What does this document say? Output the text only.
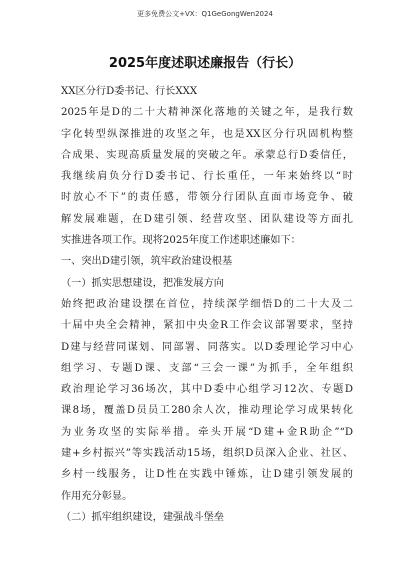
更多免费公文+VX：Q1GeGongWen2024
2025年度述职述廉报告（行长）
XX区分行D委书记、行长XXX
2025年是D的二十大精神深化落地的关键之年，是我行数
字化转型纵深推进的攻坚之年，也是XX区分行巩固机构整
合成果、实现高质量发展的突破之年。承蒙总行D委信任，
我继续肩负分行D委书记、行长重任，一年来始终以“时
时放心不下”的责任感，带领分行团队直面市场竞争、破
解发展难题，在D建引领、经营攻坚、团队建设等方面扎
实推进各项工作。现将2025年度工作述职述廉如下：
一、突出D建引领，筑牢政治建设根基
（一）抓实思想建设，把准发展方向
始终把政治建设摆在首位，持续深学细悟D的二十大及二
十届中央全会精神，紧扣中央金R工作会议部署要求，坚持
D建与经营同谋划、同部署、同落实。以D委理论学习中心
组学习、专题D课、支部“三会一课”为抓手，全年组织
政治理论学习36场次，其中D委中心组学习12次、专题D
课8场，覆盖D员员工280余人次，推动理论学习成果转化
为业务攻坚的实际举措。牵头开展“D建+金R助企”“D
建+乡村振兴”等实践活动15场，组织D员深入企业、社区、
乡村一线服务，让D性在实践中锤炼，让D建引领发展的
作用充分彰显。
（二）抓牢组织建设，建强战斗堡垒
